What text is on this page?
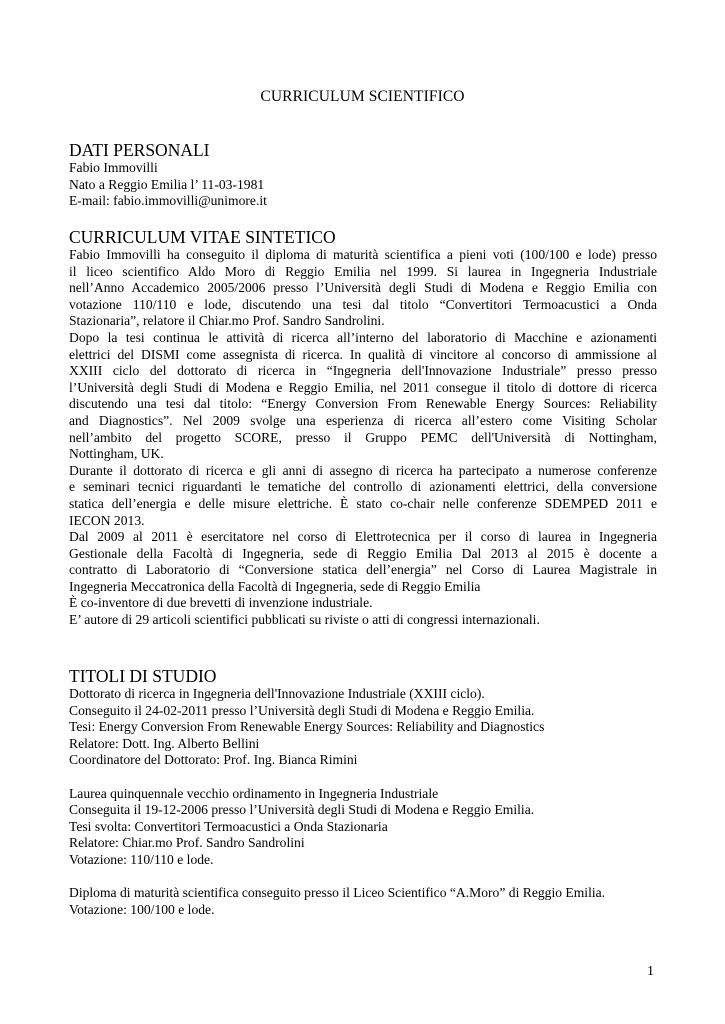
CURRICULUM SCIENTIFICO
DATI PERSONALI
Fabio Immovilli
Nato a Reggio Emilia l’ 11-03-1981
E-mail: fabio.immovilli@unimore.it
CURRICULUM VITAE SINTETICO
Fabio Immovilli ha conseguito il diploma di maturità scientifica a pieni voti (100/100 e lode) presso
il liceo scientifico Aldo Moro di Reggio Emilia nel 1999. Si laurea in Ingegneria Industriale
nell’Anno Accademico 2005/2006 presso l’Università degli Studi di Modena e Reggio Emilia con
votazione 110/110 e lode, discutendo una tesi dal titolo “Convertitori Termoacustici a Onda
Stazionaria”, relatore il Chiar.mo Prof. Sandro Sandrolini.
Dopo la tesi continua le attività di ricerca all’interno del laboratorio di Macchine e azionamenti
elettrici del DISMI come assegnista di ricerca. In qualità di vincitore al concorso di ammissione al
XXIII ciclo del dottorato di ricerca in “Ingegneria dell'Innovazione Industriale” presso presso
l’Università degli Studi di Modena e Reggio Emilia, nel 2011 consegue il titolo di dottore di ricerca
discutendo una tesi dal titolo: “Energy Conversion From Renewable Energy Sources: Reliability
and Diagnostics”. Nel 2009 svolge una esperienza di ricerca all’estero come Visiting Scholar
nell’ambito del progetto SCORE, presso il Gruppo PEMC dell'Università di Nottingham,
Nottingham, UK.
Durante il dottorato di ricerca e gli anni di assegno di ricerca ha partecipato a numerose conferenze
e seminari tecnici riguardanti le tematiche del controllo di azionamenti elettrici, della conversione
statica dell’energia e delle misure elettriche. È stato co-chair nelle conferenze SDEMPED 2011 e
IECON 2013.
Dal 2009 al 2011 è esercitatore nel corso di Elettrotecnica per il corso di laurea in Ingegneria
Gestionale della Facoltà di Ingegneria, sede di Reggio Emilia Dal 2013 al 2015 è docente a
contratto di Laboratorio di “Conversione statica dell’energia” nel Corso di Laurea Magistrale in
Ingegneria Meccatronica della Facoltà di Ingegneria, sede di Reggio Emilia
È co-inventore di due brevetti di invenzione industriale.
E’ autore di 29 articoli scientifici pubblicati su riviste o atti di congressi internazionali.
TITOLI DI STUDIO
Dottorato di ricerca in Ingegneria dell'Innovazione Industriale (XXIII ciclo).
Conseguito il 24-02-2011 presso l’Università degli Studi di Modena e Reggio Emilia.
Tesi: Energy Conversion From Renewable Energy Sources: Reliability and Diagnostics
Relatore: Dott. Ing. Alberto Bellini
Coordinatore del Dottorato: Prof. Ing. Bianca Rimini
Laurea quinquennale vecchio ordinamento in Ingegneria Industriale
Conseguita il 19-12-2006 presso l’Università degli Studi di Modena e Reggio Emilia.
Tesi svolta: Convertitori Termoacustici a Onda Stazionaria
Relatore: Chiar.mo Prof. Sandro Sandrolini
Votazione: 110/110 e lode.
Diploma di maturità scientifica conseguito presso il Liceo Scientifico “A.Moro” di Reggio Emilia.
Votazione: 100/100 e lode.
1
